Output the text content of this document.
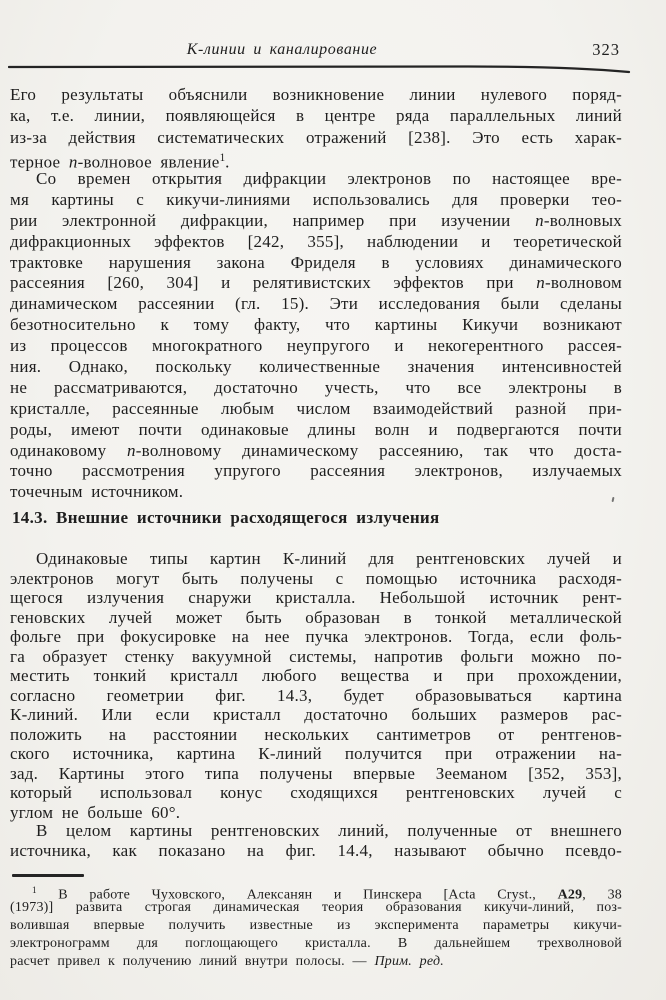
К-линии и каналирование	323
Его результаты объяснили возникновение линии нулевого поряд-
ка, т.е. линии, появляющейся в центре ряда параллельных линий
из-за действия систематических отражений [238]. Это есть харак-
терное n-волновое явление$^1$.
Со времен открытия дифракции электронов по настоящее вре-
мя картины с кикучи-линиями использовались для проверки тео-
рии электронной дифракции, например при изучении n-волновых
дифракционных эффектов [242, 355], наблюдении и теоретической
трактовке нарушения закона Фриделя в условиях динамического
рассеяния [260, 304] и релятивистских эффектов при n-волновом
динамическом рассеянии (гл. 15). Эти исследования были сделаны
безотносительно к тому факту, что картины Кикучи возникают
из процессов многократного неупругого и некогерентного рассея-
ния. Однако, поскольку количественные значения интенсивностей
не рассматриваются, достаточно учесть, что все электроны в
кристалле, рассеянные любым числом взаимодействий разной при-
роды, имеют почти одинаковые длины волн и подвергаются почти
одинаковому n-волновому динамическому рассеянию, так что доста-
точно рассмотрения упругого рассеяния электронов, излучаемых
точечным источником.
14.3. Внешние источники расходящегося излучения
Одинаковые типы картин К-линий для рентгеновских лучей и
электронов могут быть получены с помощью источника расходя-
щегося излучения снаружи кристалла. Небольшой источник рент-
геновских лучей может быть образован в тонкой металлической
фольге при фокусировке на нее пучка электронов. Тогда, если фоль-
га образует стенку вакуумной системы, напротив фольги можно по-
местить тонкий кристалл любого вещества и при прохождении,
согласно геометрии фиг. 14.3, будет образовываться картина
К-линий. Или если кристалл достаточно больших размеров рас-
положить на расстоянии нескольких сантиметров от рентгенов-
ского источника, картина К-линий получится при отражении на-
зад. Картины этого типа получены впервые Зееманом [352, 353],
который использовал конус сходящихся рентгеновских лучей с
углом не больше 60°.
В целом картины рентгеновских линий, полученные от внешнего
источника, как показано на фиг. 14.4, называют обычно псевдо-
$^1$ В работе Чуховского, Алексанян и Пинскера [Acta Cryst., А29, 38
(1973)] развита строгая динамическая теория образования кикучи-линий, поз-
волившая впервые получить известные из эксперимента параметры кикучи-
электронограмм для поглощающего кристалла. В дальнейшем трехволновой
расчет привел к получению линий внутри полосы. — Прим. ред.
